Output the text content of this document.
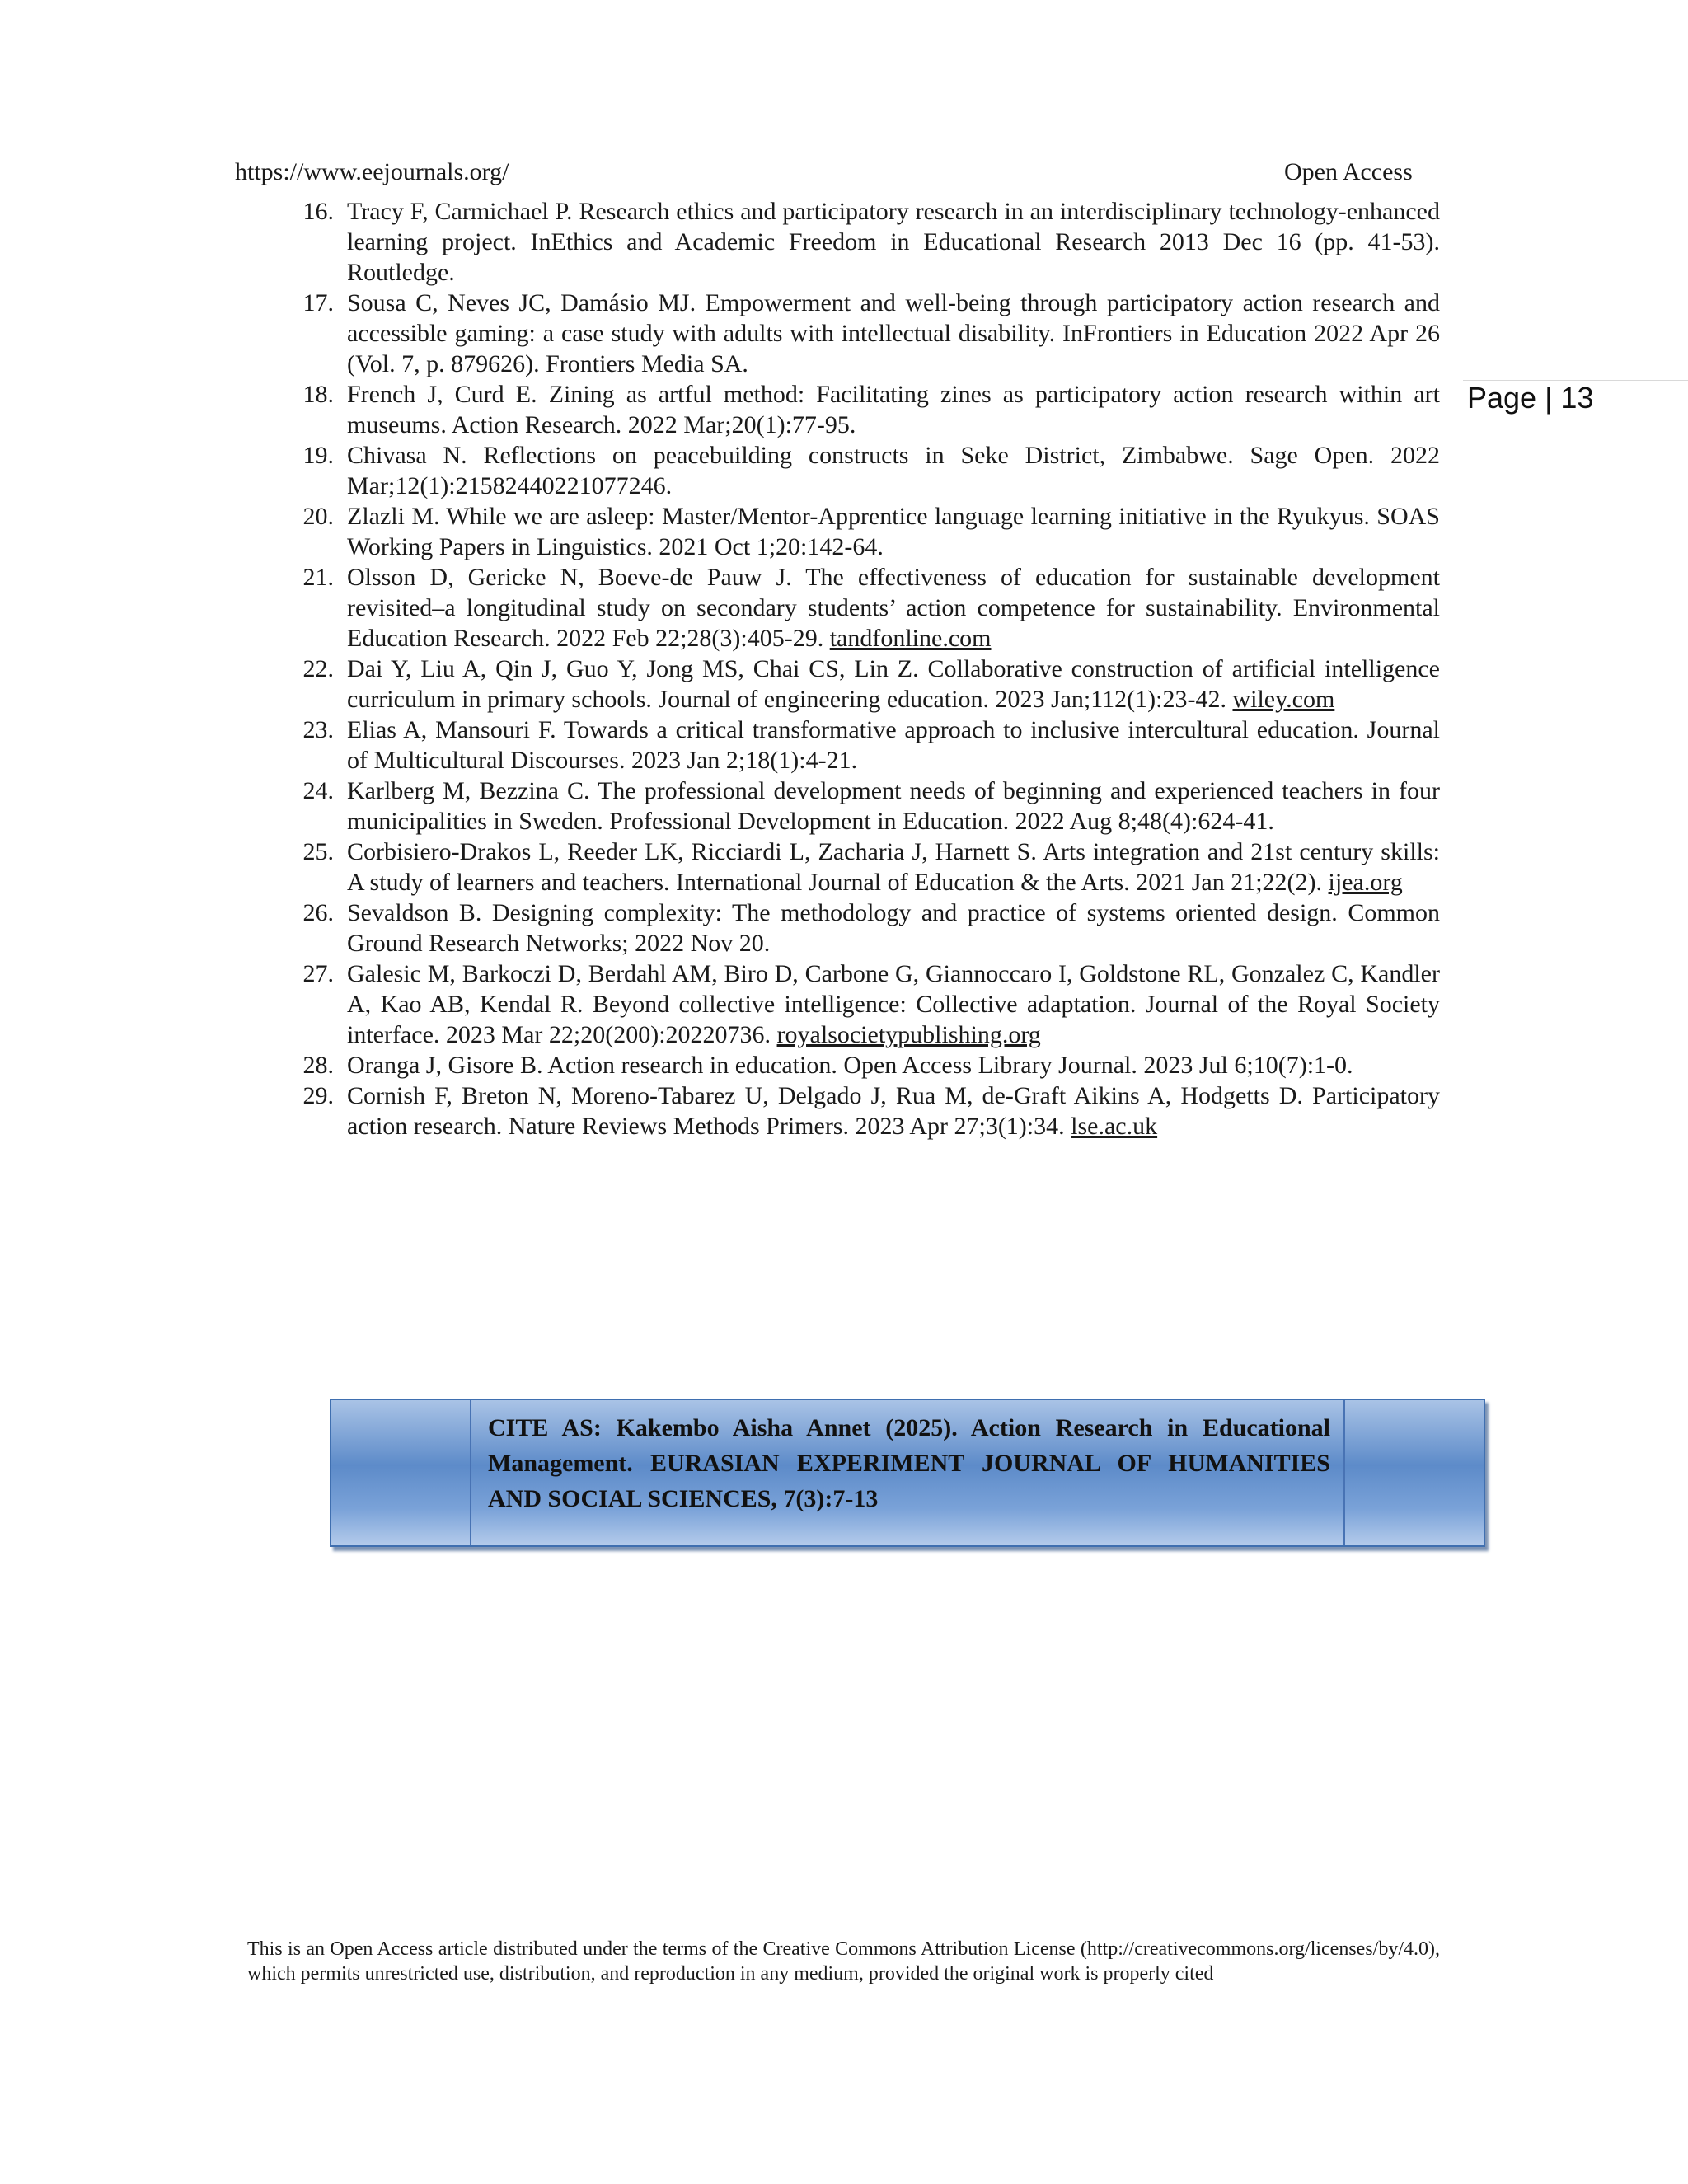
https://www.eejournals.org/	Open Access
Page | 13
16. Tracy F, Carmichael P. Research ethics and participatory research in an interdisciplinary technology-enhanced learning project. InEthics and Academic Freedom in Educational Research 2013 Dec 16 (pp. 41-53). Routledge.
17. Sousa C, Neves JC, Damásio MJ. Empowerment and well-being through participatory action research and accessible gaming: a case study with adults with intellectual disability. InFrontiers in Education 2022 Apr 26 (Vol. 7, p. 879626). Frontiers Media SA.
18. French J, Curd E. Zining as artful method: Facilitating zines as participatory action research within art museums. Action Research. 2022 Mar;20(1):77-95.
19. Chivasa N. Reflections on peacebuilding constructs in Seke District, Zimbabwe. Sage Open. 2022 Mar;12(1):21582440221077246.
20. Zlazli M. While we are asleep: Master/Mentor-Apprentice language learning initiative in the Ryukyus. SOAS Working Papers in Linguistics. 2021 Oct 1;20:142-64.
21. Olsson D, Gericke N, Boeve-de Pauw J. The effectiveness of education for sustainable development revisited–a longitudinal study on secondary students’ action competence for sustainability. Environmental Education Research. 2022 Feb 22;28(3):405-29. tandfonline.com
22. Dai Y, Liu A, Qin J, Guo Y, Jong MS, Chai CS, Lin Z. Collaborative construction of artificial intelligence curriculum in primary schools. Journal of engineering education. 2023 Jan;112(1):23-42. wiley.com
23. Elias A, Mansouri F. Towards a critical transformative approach to inclusive intercultural education. Journal of Multicultural Discourses. 2023 Jan 2;18(1):4-21.
24. Karlberg M, Bezzina C. The professional development needs of beginning and experienced teachers in four municipalities in Sweden. Professional Development in Education. 2022 Aug 8;48(4):624-41.
25. Corbisiero-Drakos L, Reeder LK, Ricciardi L, Zacharia J, Harnett S. Arts integration and 21st century skills: A study of learners and teachers. International Journal of Education & the Arts. 2021 Jan 21;22(2). ijea.org
26. Sevaldson B. Designing complexity: The methodology and practice of systems oriented design. Common Ground Research Networks; 2022 Nov 20.
27. Galesic M, Barkoczi D, Berdahl AM, Biro D, Carbone G, Giannoccaro I, Goldstone RL, Gonzalez C, Kandler A, Kao AB, Kendal R. Beyond collective intelligence: Collective adaptation. Journal of the Royal Society interface. 2023 Mar 22;20(200):20220736. royalsocietypublishing.org
28. Oranga J, Gisore B. Action research in education. Open Access Library Journal. 2023 Jul 6;10(7):1-0.
29. Cornish F, Breton N, Moreno-Tabarez U, Delgado J, Rua M, de-Graft Aikins A, Hodgetts D. Participatory action research. Nature Reviews Methods Primers. 2023 Apr 27;3(1):34. lse.ac.uk
CITE AS: Kakembo Aisha Annet (2025). Action Research in Educational Management. EURASIAN EXPERIMENT JOURNAL OF HUMANITIES AND SOCIAL SCIENCES, 7(3):7-13
This is an Open Access article distributed under the terms of the Creative Commons Attribution License (http://creativecommons.org/licenses/by/4.0), which permits unrestricted use, distribution, and reproduction in any medium, provided the original work is properly cited
